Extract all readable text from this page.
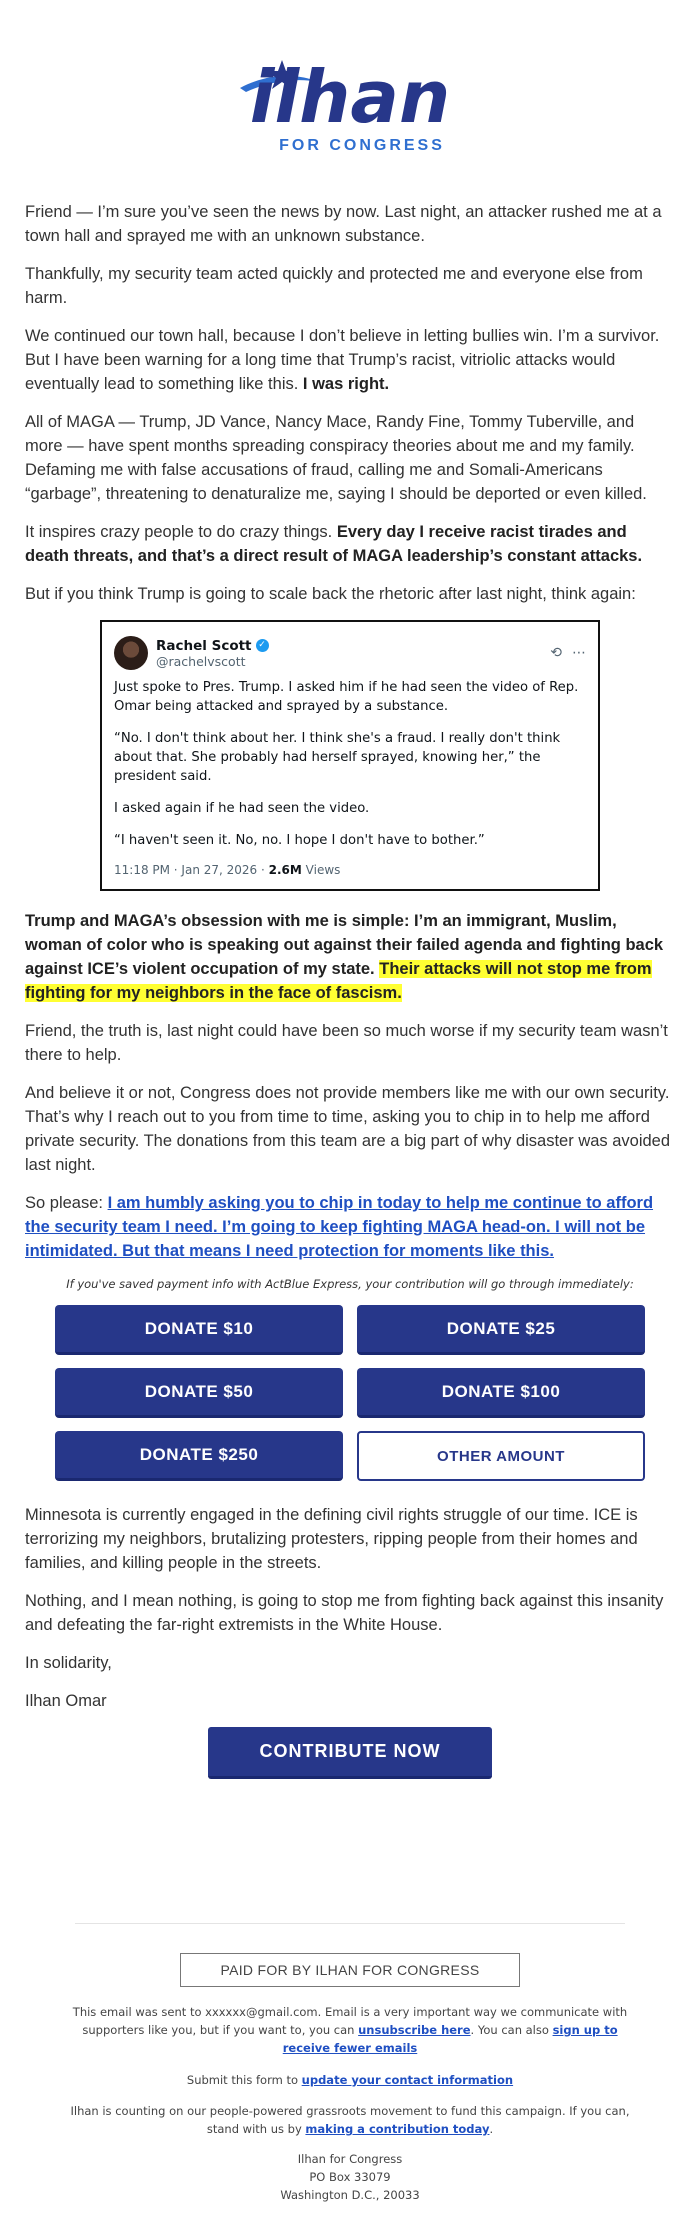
ilhan
FOR CONGRESS

Friend — I’m sure you’ve seen the news by now. Last night, an attacker rushed me at a town hall and sprayed me with an unknown substance.

Thankfully, my security team acted quickly and protected me and everyone else from harm.

We continued our town hall, because I don’t believe in letting bullies win. I’m a survivor. But I have been warning for a long time that Trump’s racist, vitriolic attacks would eventually lead to something like this. I was right.

All of MAGA — Trump, JD Vance, Nancy Mace, Randy Fine, Tommy Tuberville, and more — have spent months spreading conspiracy theories about me and my family. Defaming me with false accusations of fraud, calling me and Somali-Americans “garbage”, threatening to denaturalize me, saying I should be deported or even killed.

It inspires crazy people to do crazy things. Every day I receive racist tirades and death threats, and that’s a direct result of MAGA leadership’s constant attacks.

But if you think Trump is going to scale back the rhetoric after last night, think again:

Rachel Scott ✓
@rachelvscott	⟲ ⋯

Just spoke to Pres. Trump. I asked him if he had seen the video of Rep. Omar being attacked and sprayed by a substance.

“No. I don't think about her. I think she's a fraud. I really don't think about that. She probably had herself sprayed, knowing her,” the president said.

I asked again if he had seen the video.

“I haven't seen it. No, no. I hope I don't have to bother.”

11:18 PM · Jan 27, 2026 · 2.6M Views

Trump and MAGA’s obsession with me is simple: I’m an immigrant, Muslim, woman of color who is speaking out against their failed agenda and fighting back against ICE’s violent occupation of my state. Their attacks will not stop me from fighting for my neighbors in the face of fascism.

Friend, the truth is, last night could have been so much worse if my security team wasn’t there to help.

And believe it or not, Congress does not provide members like me with our own security. That’s why I reach out to you from time to time, asking you to chip in to help me afford private security. The donations from this team are a big part of why disaster was avoided last night.

So please: I am humbly asking you to chip in today to help me continue to afford the security team I need. I’m going to keep fighting MAGA head-on. I will not be intimidated. But that means I need protection for moments like this.

If you've saved payment info with ActBlue Express, your contribution will go through immediately:
DONATE $10	DONATE $25
DONATE $50	DONATE $100
DONATE $250	OTHER AMOUNT

Minnesota is currently engaged in the defining civil rights struggle of our time. ICE is terrorizing my neighbors, brutalizing protesters, ripping people from their homes and families, and killing people in the streets.

Nothing, and I mean nothing, is going to stop me from fighting back against this insanity and defeating the far-right extremists in the White House.

In solidarity,

Ilhan Omar

CONTRIBUTE NOW
PAID FOR BY ILHAN FOR CONGRESS
This email was sent to xxxxxx@gmail.com. Email is a very important way we communicate with supporters like you, but if you want to, you can unsubscribe here. You can also sign up to receive fewer emails
Submit this form to update your contact information
Ilhan is counting on our people-powered grassroots movement to fund this campaign. If you can, stand with us by making a contribution today.
Ilhan for Congress
PO Box 33079
Washington D.C., 20033
